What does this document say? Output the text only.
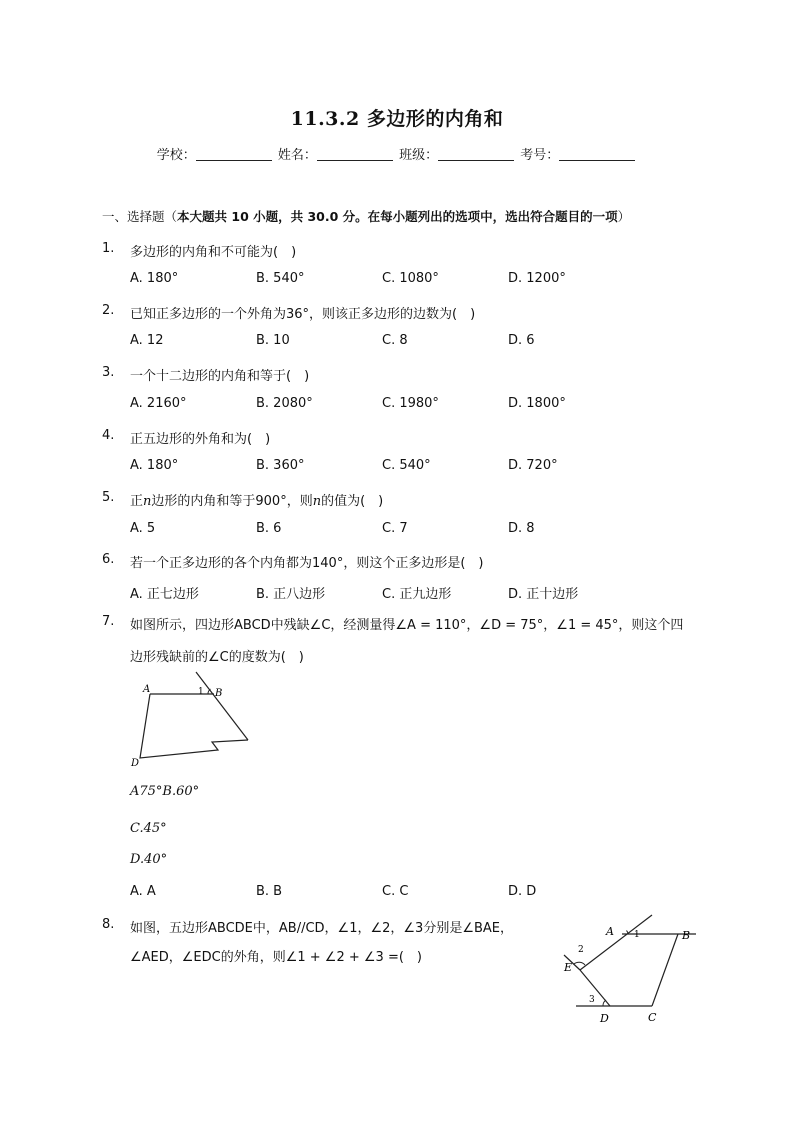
11.3.2 多边形的内角和
学校：	姓名：	班级：	考号：
一、选择题（本大题共 10 小题，共 30.0 分。在每小题列出的选项中，选出符合题目的一项）
1. 多边形的内角和不可能为(　)
A. 180°	B. 540°	C. 1080°	D. 1200°
2. 已知正多边形的一个外角为36°，则该正多边形的边数为(　)
A. 12	B. 10	C. 8	D. 6
3. 一个十二边形的内角和等于(　)
A. 2160°	B. 2080°	C. 1980°	D. 1800°
4. 正五边形的外角和为(　)
A. 180°	B. 360°	C. 540°	D. 720°
5. 正n边形的内角和等于900°，则n的值为(　)
A. 5	B. 6	C. 7	D. 8
6. 若一个正多边形的各个内角都为140°，则这个正多边形是(　)
A. 正七边形	B. 正八边形	C. 正九边形	D. 正十边形
7. 如图所示，四边形ABCD中残缺∠C，经测量得∠A = 110°，∠D = 75°，∠1 = 45°，则这个四
边形残缺前的∠C的度数为(　)
A	B
D
1
A75°B.60°
C.45°
D.40°
A. A	B. B	C. C	D. D
8. 如图，五边形ABCDE中，AB//CD，∠1，∠2，∠3分别是∠BAE，
∠AED，∠EDC的外角，则∠1 + ∠2 + ∠3 =(　)
A	B
C
D
E
1
2
3
